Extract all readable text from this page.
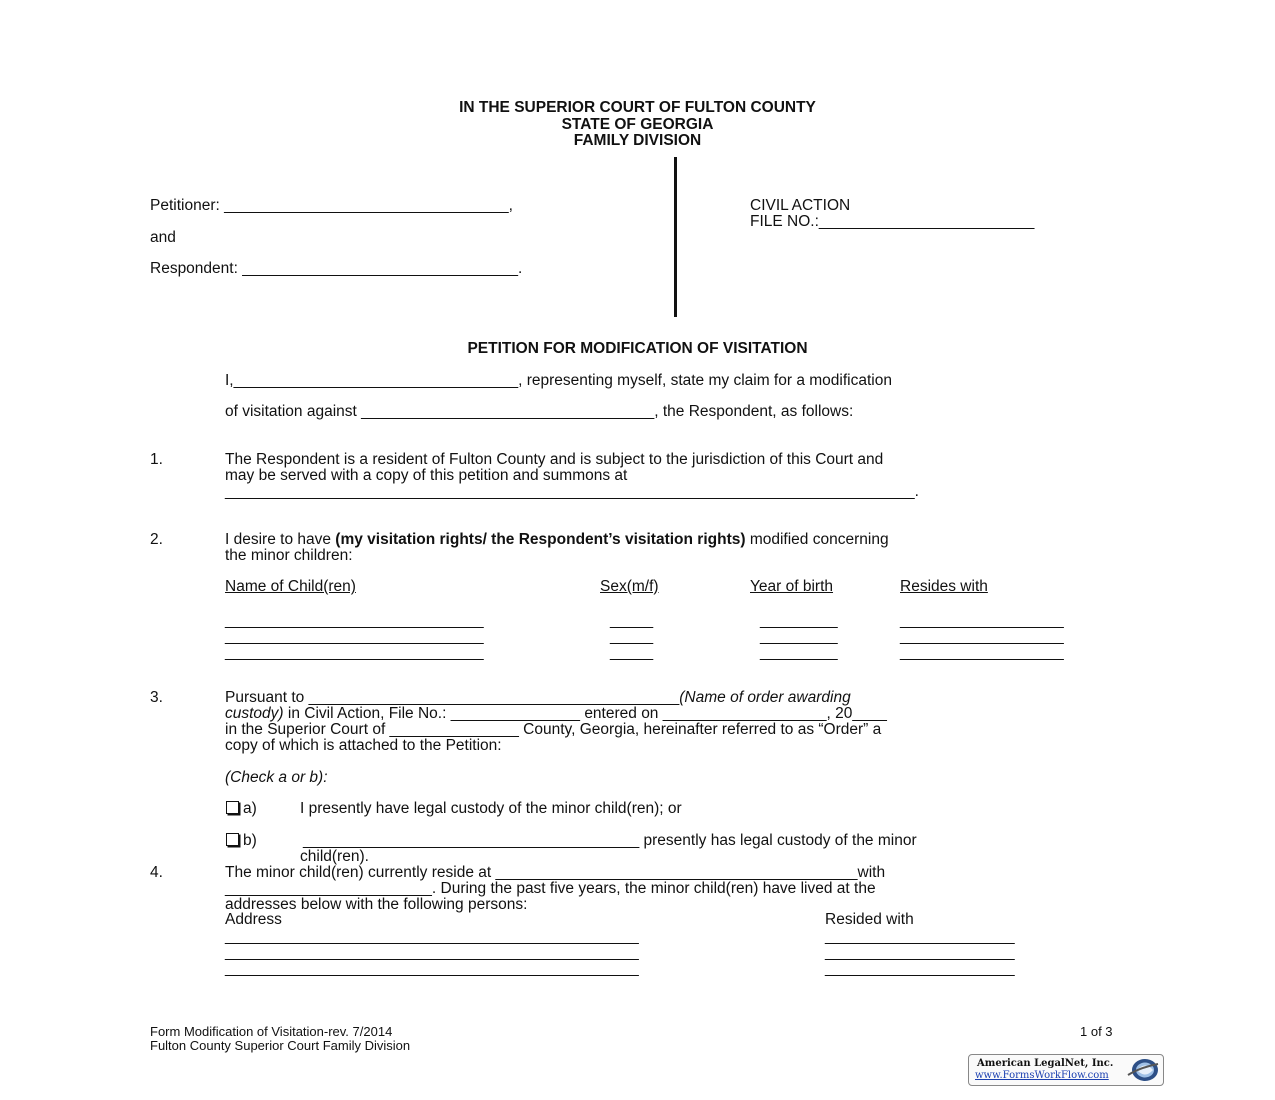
IN THE SUPERIOR COURT OF FULTON COUNTY
STATE OF GEORGIA
FAMILY DIVISION
Petitioner: _________________________________,
and
Respondent: ________________________________.
CIVIL ACTION
FILE NO.:_________________________
PETITION FOR MODIFICATION OF VISITATION
I,_________________________________, representing myself, state my claim for a modification
of visitation against __________________________________, the Respondent, as follows:
1.	The Respondent is a resident of Fulton County and is subject to the jurisdiction of this Court and
may be served with a copy of this petition and summons at
________________________________________________________________________________.
2.	I desire to have (my visitation rights/ the Respondent’s visitation rights) modified concerning
the minor children:
Name of Child(ren)	Sex(m/f)	Year of birth	Resides with
______________________________	_____	_________	___________________
______________________________	_____	_________	___________________
______________________________	_____	_________	___________________
3.	Pursuant to ___________________________________________(Name of order awarding
custody) in Civil Action, File No.: _______________ entered on ___________________, 20____
in the Superior Court of _______________ County, Georgia, hereinafter referred to as “Order” a
copy of which is attached to the Petition:
(Check a or b):
a)	I presently have legal custody of the minor child(ren); or
b)	_______________________________________ presently has legal custody of the minor
child(ren).
4.	The minor child(ren) currently reside at __________________________________________with
________________________. During the past five years, the minor child(ren) have lived at the
addresses below with the following persons:
Address	Resided with
________________________________________________	______________________
________________________________________________	______________________
________________________________________________	______________________
Form Modification of Visitation-rev. 7/2014
Fulton County Superior Court Family Division
1 of 3
American LegalNet, Inc.
www.FormsWorkFlow.com
